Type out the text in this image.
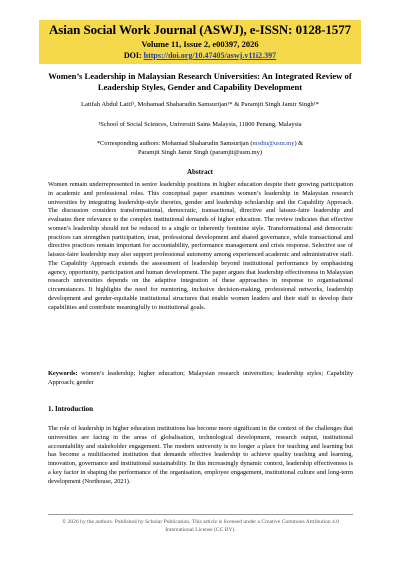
Asian Social Work Journal (ASWJ), e-ISSN: 0128-1577
Volume 11, Issue 2, e00397, 2026
DOI: https://doi.org/10.47405/aswj.v11i2.397
Women’s Leadership in Malaysian Research Universities: An Integrated Review of Leadership Styles, Gender and Capability Development
Latifah Abdul Latif¹, Mohamad Shaharudin Samsurijan¹* & Paramjit Singh Jamir Singh¹*
¹School of Social Sciences, Universiti Sains Malaysia, 11800 Penang, Malaysia
*Corresponding authors: Mohamad Shaharudin Samsurijan (msdin@usm.my) &
Paramjit Singh Jamir Singh (paramjit@usm.my)
Abstract
Women remain underrepresented in senior leadership positions in higher education despite their growing participation in academic and professional roles. This conceptual paper examines women’s leadership in Malaysian research universities by integrating leadership-style theories, gender and leadership scholarship and the Capability Approach. The discussion considers transformational, democratic, transactional, directive and laissez-faire leadership and evaluates their relevance to the complex institutional demands of higher education. The review indicates that effective women’s leadership should not be reduced to a single or inherently feminine style. Transformational and democratic practices can strengthen participation, trust, professional development and shared governance, while transactional and directive practices remain important for accountability, performance management and crisis response. Selective use of laissez-faire leadership may also support professional autonomy among experienced academic and administrative staff. The Capability Approach extends the assessment of leadership beyond institutional performance by emphasising agency, opportunity, participation and human development. The paper argues that leadership effectiveness in Malaysian research universities depends on the adaptive integration of these approaches in response to organisational circumstances. It highlights the need for mentoring, inclusive decision-making, professional networks, leadership development and gender-equitable institutional structures that enable women leaders and their staff to develop their capabilities and contribute meaningfully to institutional goals.
Keywords: women’s leadership; higher education; Malaysian research universities; leadership styles; Capability Approach; gender
1. Introduction
The role of leadership in higher education institutions has become more significant in the context of the challenges that universities are facing in the areas of globalisation, technological development, research output, institutional accountability and stakeholder engagement. The modern university is no longer a place for teaching and learning but has become a multifaceted institution that demands effective leadership to achieve quality teaching and learning, innovation, governance and institutional sustainability. In this increasingly dynamic context, leadership effectiveness is a key factor in shaping the performance of the organisation, employee engagement, institutional culture and long-term development (Northouse, 2021).
© 2026 by the authors. Published by Scholar Publication. This article is licensed under a Creative Commons Attribution 4.0 International License (CC BY).
